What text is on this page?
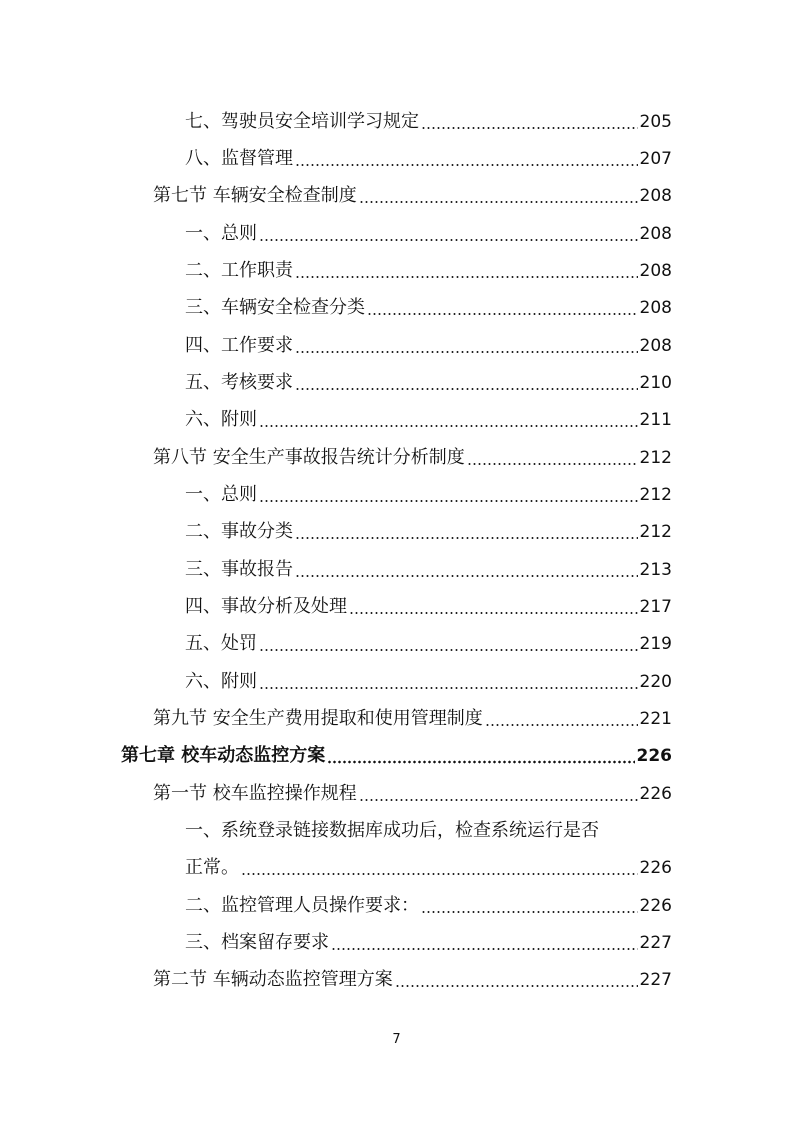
七、驾驶员安全培训学习规定	205
八、监督管理	207
第七节 车辆安全检查制度	208
一、总则	208
二、工作职责	208
三、车辆安全检查分类	208
四、工作要求	208
五、考核要求	210
六、附则	211
第八节 安全生产事故报告统计分析制度	212
一、总则	212
二、事故分类	212
三、事故报告	213
四、事故分析及处理	217
五、处罚	219
六、附则	220
第九节 安全生产费用提取和使用管理制度	221
第七章 校车动态监控方案	226
第一节 校车监控操作规程	226
一、系统登录链接数据库成功后，检查系统运行是否
正常。	226
二、监控管理人员操作要求：	226
三、档案留存要求	227
第二节 车辆动态监控管理方案	227
7
